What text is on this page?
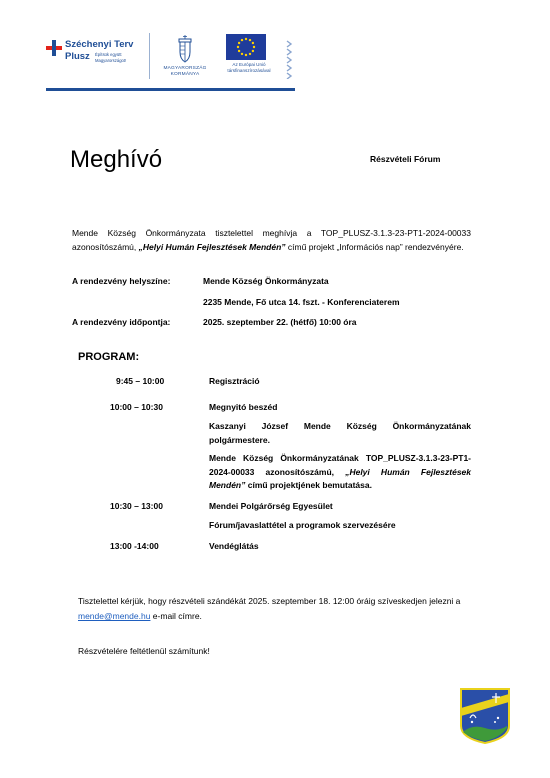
Széchenyi Terv
Plusz Építsük együtt
Magyarországot!
MAGYARORSZÁG
KORMÁNYA
Az Európai Unió
társfinanszírozásával
Meghívó	Részvételi Fórum

Mende Község Önkormányzata tisztelettel meghívja a TOP_PLUSZ-3.1.3-23-PT1-2024-00033 azonosítószámú, „Helyi Humán Fejlesztések Mendén” című projekt „Információs nap” rendezvényére.

A rendezvény helyszíne:	Mende Község Önkormányzata
2235 Mende, Fő utca 14. fszt. - Konferenciaterem
A rendezvény időpontja:	2025. szeptember 22. (hétfő) 10:00 óra
PROGRAM:
9:45 – 10:00	Regisztráció
10:00 – 10:30	Megnyitó beszéd

Kaszanyi József Mende Község Önkormányzatának polgármestere.

Mende Község Önkormányzatának TOP_PLUSZ-3.1.3-23-PT1-2024-00033 azonosítószámú, „Helyi Humán Fejlesztések Mendén” című projektjének bemutatása.

10:30 – 13:00	Mendei Polgárőrség Egyesület
Fórum/javaslattétel a programok szervezésére
13:00 -14:00	Vendéglátás

Tisztelettel kérjük, hogy részvételi szándékát 2025. szeptember 18. 12:00 óráig szíveskedjen jelezni a mende@mende.hu e-mail címre.

Részvételére feltétlenül számítunk!
